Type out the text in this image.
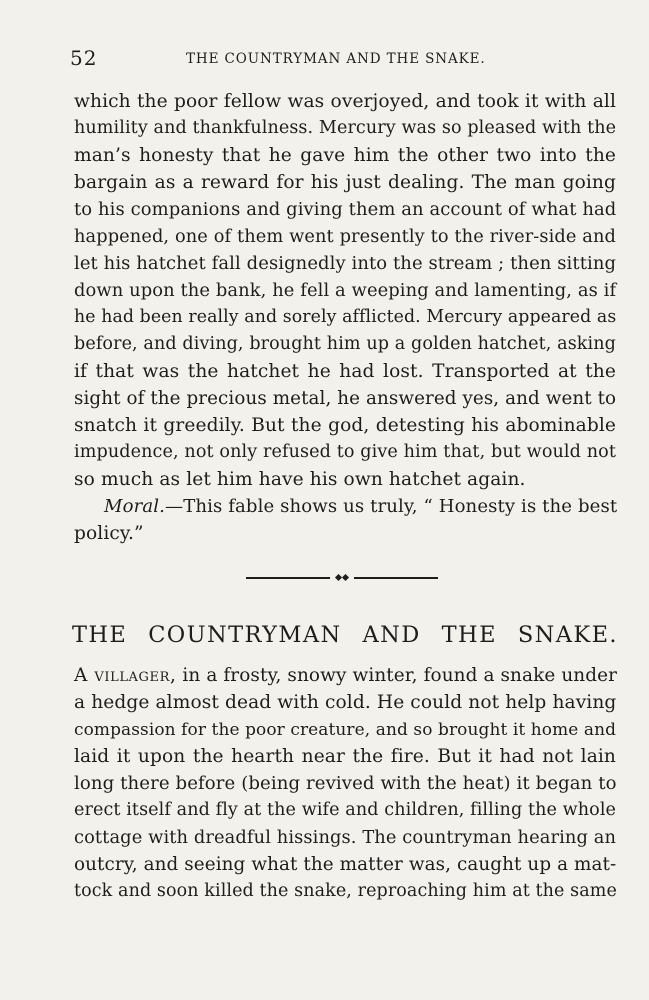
52	THE COUNTRYMAN AND THE SNAKE.
which the poor fellow was overjoyed, and took it with all
humility and thankfulness. Mercury was so pleased with the
man’s honesty that he gave him the other two into the
bargain as a reward for his just dealing. The man going
to his companions and giving them an account of what had
happened, one of them went presently to the river-side and
let his hatchet fall designedly into the stream ; then sitting
down upon the bank, he fell a weeping and lamenting, as if
he had been really and sorely afflicted. Mercury appeared as
before, and diving, brought him up a golden hatchet, asking
if that was the hatchet he had lost. Transported at the
sight of the precious metal, he answered yes, and went to
snatch it greedily. But the god, detesting his abominable
impudence, not only refused to give him that, but would not
so much as let him have his own hatchet again.
Moral.—This fable shows us truly, “ Honesty is the best
policy.”
THE COUNTRYMAN AND THE SNAKE.
A villager, in a frosty, snowy winter, found a snake under
a hedge almost dead with cold. He could not help having
compassion for the poor creature, and so brought it home and
laid it upon the hearth near the fire. But it had not lain
long there before (being revived with the heat) it began to
erect itself and fly at the wife and children, filling the whole
cottage with dreadful hissings. The countryman hearing an
outcry, and seeing what the matter was, caught up a mat-
tock and soon killed the snake, reproaching him at the same
